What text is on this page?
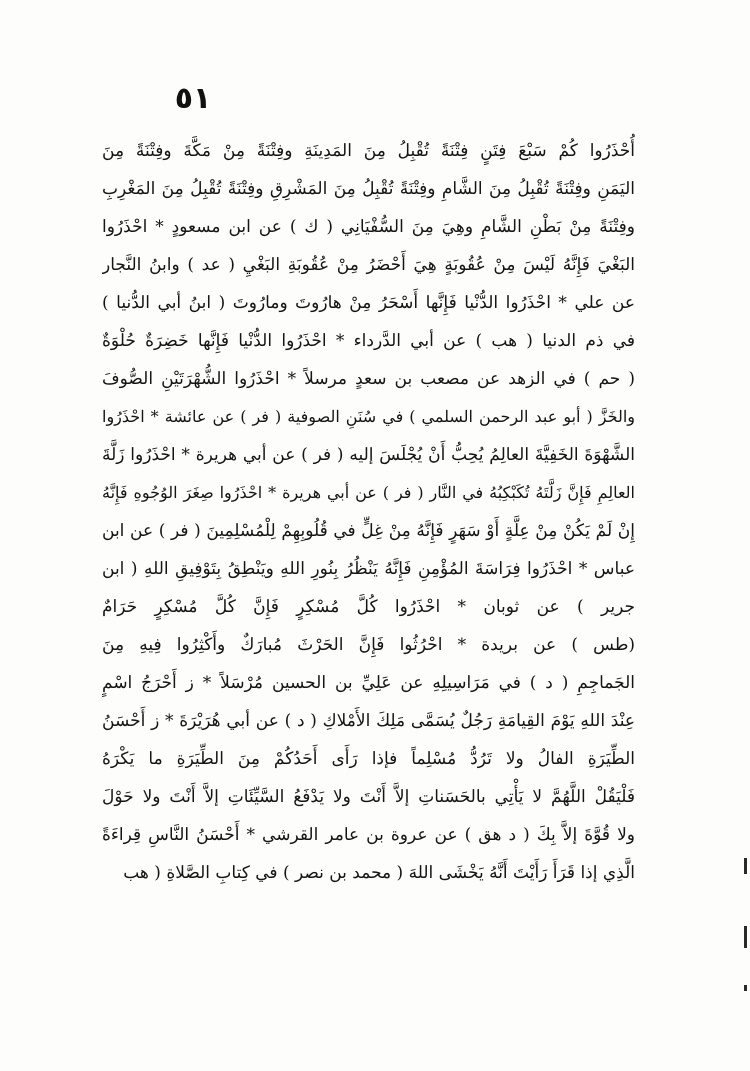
٥١
أُحْذَرُوا كُمْ سَبْعَ فِتَنٍ فِتْنَةً تُقْبِلُ مِنَ المَدِينَةِ وفِتْنَةً مِنْ مَكَّةَ وفِتْنَةً مِنَ
اليَمَنِ وفِتْنَةً تُقْبِلُ مِنَ الشَّامِ وفِتْنَةً تُقْبِلُ مِنَ المَشْرِقِ وفِتْنَةً تُقْبِلُ مِنَ المَغْرِبِ
وفِتْنَةً مِنْ بَطْنِ الشَّامِ وهِيَ مِنَ السُّفْيَانِي ( ك ) عن ابن مسعودٍ * احْذَرُوا
البَغْيَ فَإِنَّهُ لَيْسَ مِنْ عُقُوبَةٍ هِيَ أَحْضَرُ مِنْ عُقُوبَةِ البَغْيِ ( عد ) وابنُ النَّجار
عن علي * احْذَرُوا الدُّنْيا فَإِنَّها أَسْحَرُ مِنْ هارُوتَ ومارُوتَ ( ابنُ أبي الدُّنيا )
في ذم الدنيا ( هب ) عن أبي الدَّرداء * احْذَرُوا الدُّنْيا فَإِنَّها خَضِرَةٌ حُلْوَةٌ
( حم ) في الزهد عن مصعب بن سعدٍ مرسلاً * احْذَرُوا الشُّهْرَتَيْنِ الصُّوفَ
والخَزَّ ( أبو عبد الرحمن السلمي ) في سُنَنِ الصوفية ( فر ) عن عائشة * احْذَرُوا
الشَّهْوَةَ الخَفِيَّةَ العالِمُ يُحِبُّ أَنْ يُجْلَسَ إليه ( فر ) عن أبي هريرة * احْذَرُوا زَلَّةَ
العالِمِ فَإِنَّ زَلَّتَهُ تُكَبْكِبُهُ في النَّار ( فر ) عن أبي هريرة * احْذَرُوا صِغَرَ الوُجُوهِ فَإِنَّهُ
إِنْ لَمْ يَكُنْ مِنْ عِلَّةٍ أَوْ سَهَرٍ فَإِنَّهُ مِنْ غِلٍّ في قُلُوبِهِمْ لِلْمُسْلِمِينَ ( فر ) عن ابن
عباس * احْذَرُوا فِرَاسَةَ المُؤْمِنِ فَإِنَّهُ يَنْظُرُ بِنُورِ اللهِ ويَنْطِقُ بِتَوْفِيقِ اللهِ ( ابن
جرير ) عن ثوبان * احْذَرُوا كُلَّ مُسْكِرٍ فَإِنَّ كُلَّ مُسْكِرٍ حَرَامٌ
(طس ) عن بريدة * احْرُثُوا فَإِنَّ الحَرْثَ مُبارَكٌ وأَكْثِرُوا فِيهِ مِنَ
الجَماجِمِ ( د ) في مَرَاسِيلِهِ عن عَلِيِّ بن الحسين مُرْسَلاً * ز أَحْرَجُ اسْمٍ
عِنْدَ اللهِ يَوْمَ القِيامَةِ رَجُلٌ يُسَمَّى مَلِكَ الأَمْلاكِ ( د ) عن أبي هُرَيْرَةَ * ز أَحْسَنُ
الطِّيَرَةِ الفالُ ولا تَرُدُّ مُسْلِماً فإذا رَأَى أَحَدُكُمْ مِنَ الطِّيَرَةِ ما يَكْرَهُ
فَلْيَقُلْ اللَّهُمَّ لا يَأْتِي بالحَسَناتِ إلاَّ أَنْتَ ولا يَدْفَعُ السَّيِّئَاتِ إلاَّ أَنْتَ ولا حَوْلَ
ولا قُوَّةَ إلاَّ بِكَ ( د هق ) عن عروة بن عامر القرشي * أَحْسَنُ النَّاسِ قِراءَةً
الَّذِي إذا قَرَأَ رَأَيْتَ أَنَّهُ يَخْشَى اللهَ ( محمد بن نصر ) في كِتابِ الصَّلاةِ ( هب
